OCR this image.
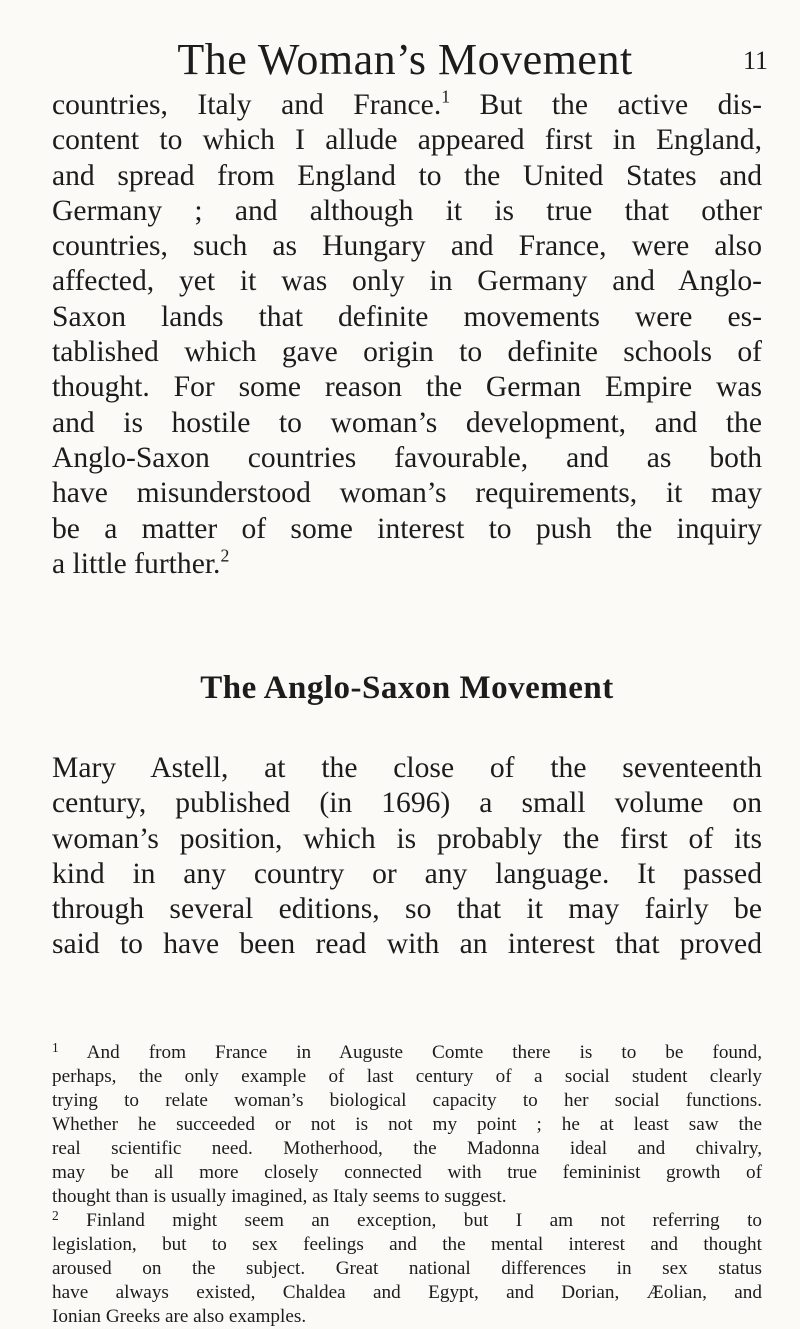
The Woman’s Movement	11
countries, Italy and France.$^1$ But the active dis-
content to which I allude appeared first in England,
and spread from England to the United States and
Germany ; and although it is true that other
countries, such as Hungary and France, were also
affected, yet it was only in Germany and Anglo-
Saxon lands that definite movements were es-
tablished which gave origin to definite schools of
thought. For some reason the German Empire was
and is hostile to woman’s development, and the
Anglo-Saxon countries favourable, and as both
have misunderstood woman’s requirements, it may
be a matter of some interest to push the inquiry
a little further.$^2$
The Anglo-Saxon Movement
Mary Astell, at the close of the seventeenth
century, published (in 1696) a small volume on
woman’s position, which is probably the first of its
kind in any country or any language. It passed
through several editions, so that it may fairly be
said to have been read with an interest that proved
$^1$ And from France in Auguste Comte there is to be found,
perhaps, the only example of last century of a social student clearly
trying to relate woman’s biological capacity to her social functions.
Whether he succeeded or not is not my point ; he at least saw the
real scientific need. Motherhood, the Madonna ideal and chivalry,
may be all more closely connected with true femininist growth of
thought than is usually imagined, as Italy seems to suggest.
$^2$ Finland might seem an exception, but I am not referring to
legislation, but to sex feelings and the mental interest and thought
aroused on the subject. Great national differences in sex status
have always existed, Chaldea and Egypt, and Dorian, Æolian, and
Ionian Greeks are also examples.
